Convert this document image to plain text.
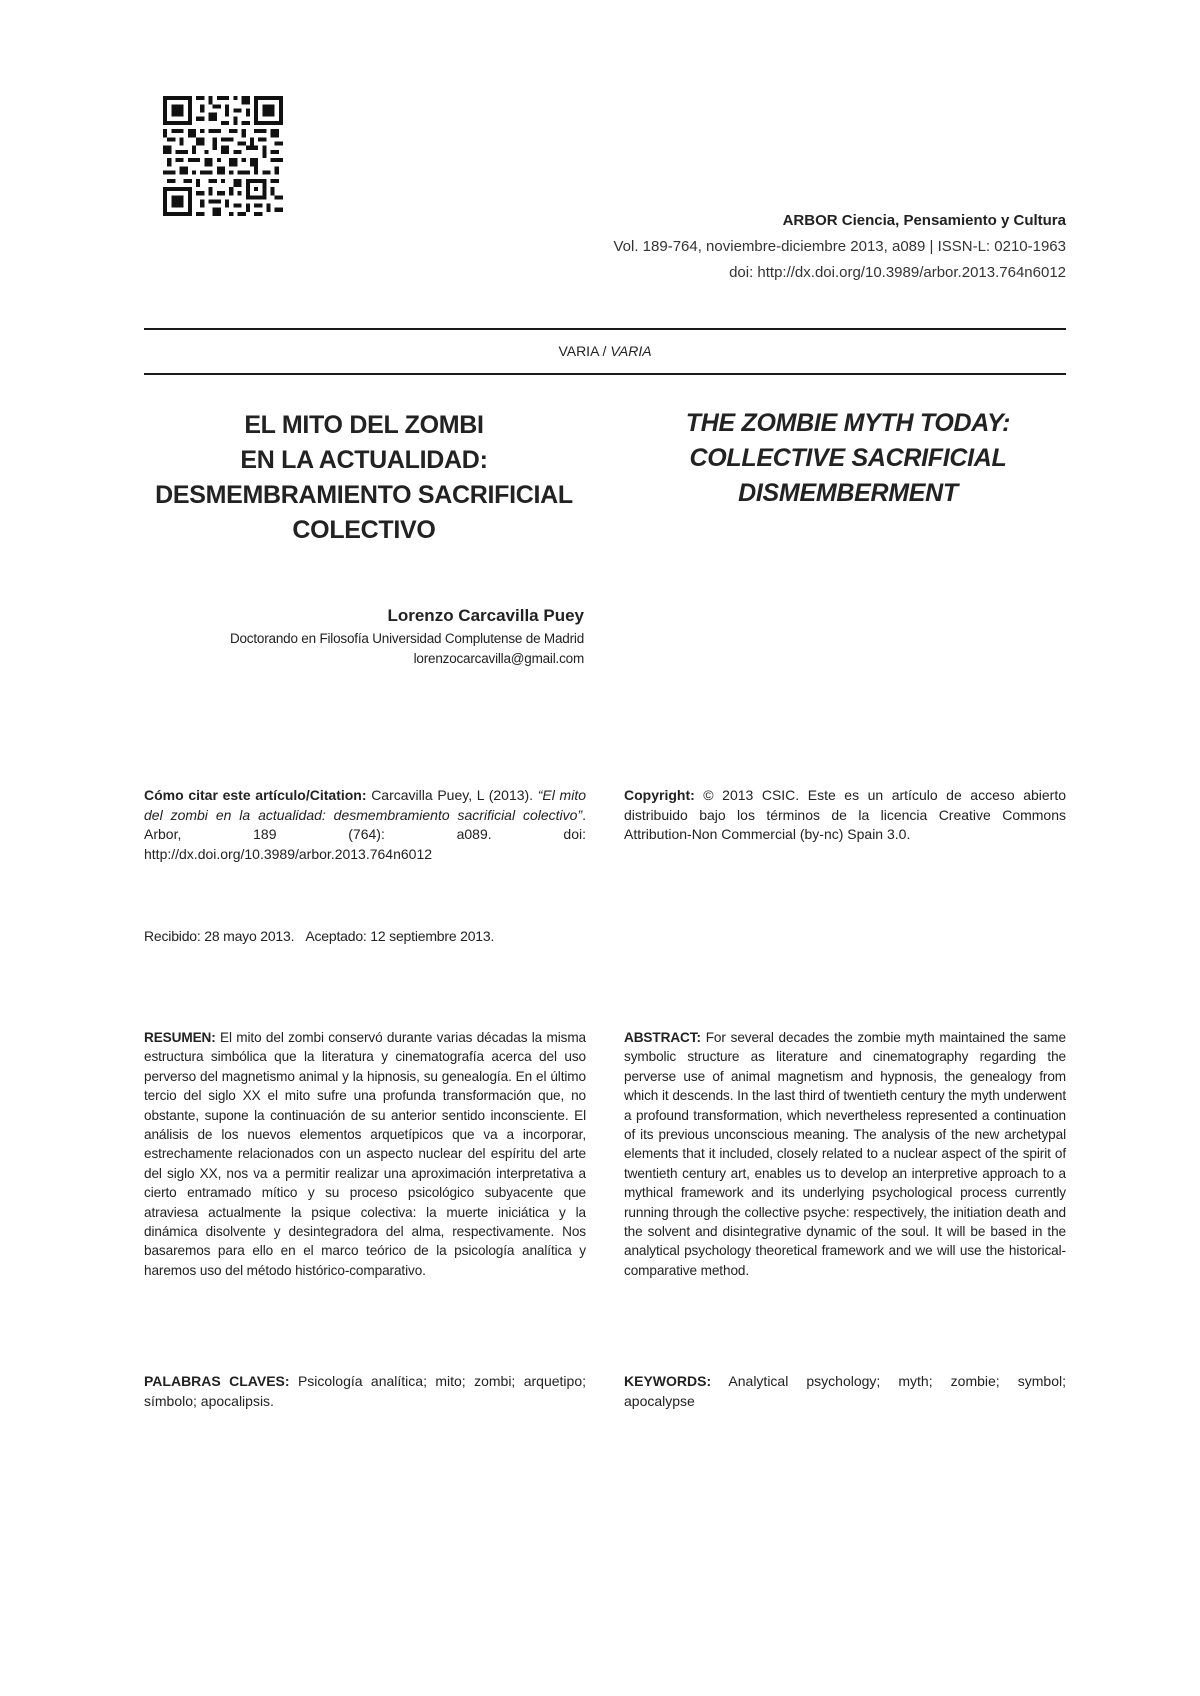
ARBOR Ciencia, Pensamiento y Cultura
Vol. 189-764, noviembre-diciembre 2013, a089 | ISSN-L: 0210-1963
doi: http://dx.doi.org/10.3989/arbor.2013.764n6012
VARIA / VARIA
EL MITO DEL ZOMBI
EN LA ACTUALIDAD:
DESMEMBRAMIENTO SACRIFICIAL
COLECTIVO
THE ZOMBIE MYTH TODAY:
COLLECTIVE SACRIFICIAL
DISMEMBERMENT
Lorenzo Carcavilla Puey
Doctorando en Filosofía Universidad Complutense de Madrid
lorenzocarcavilla@gmail.com
Cómo citar este artículo/Citation: Carcavilla Puey, L (2013). “El mito del zombi en la actualidad: desmembramiento sacrificial colectivo”. Arbor, 189 (764): a089. doi: http://dx.doi.org/10.3989/arbor.2013.764n6012
Copyright: © 2013 CSIC. Este es un artículo de acceso abierto distribuido bajo los términos de la licencia Creative Commons Attribution-Non Commercial (by-nc) Spain 3.0.
Recibido: 28 mayo 2013. Aceptado: 12 septiembre 2013.
RESUMEN: El mito del zombi conservó durante varias décadas la misma estructura simbólica que la literatura y cinematografía acerca del uso perverso del magnetismo animal y la hipnosis, su genealogía. En el último tercio del siglo XX el mito sufre una profunda transformación que, no obstante, supone la continuación de su anterior sentido inconsciente. El análisis de los nuevos elementos arquetípicos que va a incorporar, estrechamente relacionados con un aspecto nuclear del espíritu del arte del siglo XX, nos va a permitir realizar una aproximación interpretativa a cierto entramado mítico y su proceso psicológico subyacente que atraviesa actualmente la psique colectiva: la muerte iniciática y la dinámica disolvente y desintegradora del alma, respectivamente. Nos basaremos para ello en el marco teórico de la psicología analítica y haremos uso del método histórico-comparativo.
ABSTRACT: For several decades the zombie myth maintained the same symbolic structure as literature and cinematography regarding the perverse use of animal magnetism and hypnosis, the genealogy from which it descends. In the last third of twentieth century the myth underwent a profound transformation, which nevertheless represented a continuation of its previous unconscious meaning. The analysis of the new archetypal elements that it included, closely related to a nuclear aspect of the spirit of twentieth century art, enables us to develop an interpretive approach to a mythical framework and its underlying psychological process currently running through the collective psyche: respectively, the initiation death and the solvent and disintegrative dynamic of the soul. It will be based in the analytical psychology theoretical framework and we will use the historical-comparative method.
PALABRAS CLAVES: Psicología analítica; mito; zombi; arquetipo; símbolo; apocalipsis.
KEYWORDS: Analytical psychology; myth; zombie; symbol; apocalypse
